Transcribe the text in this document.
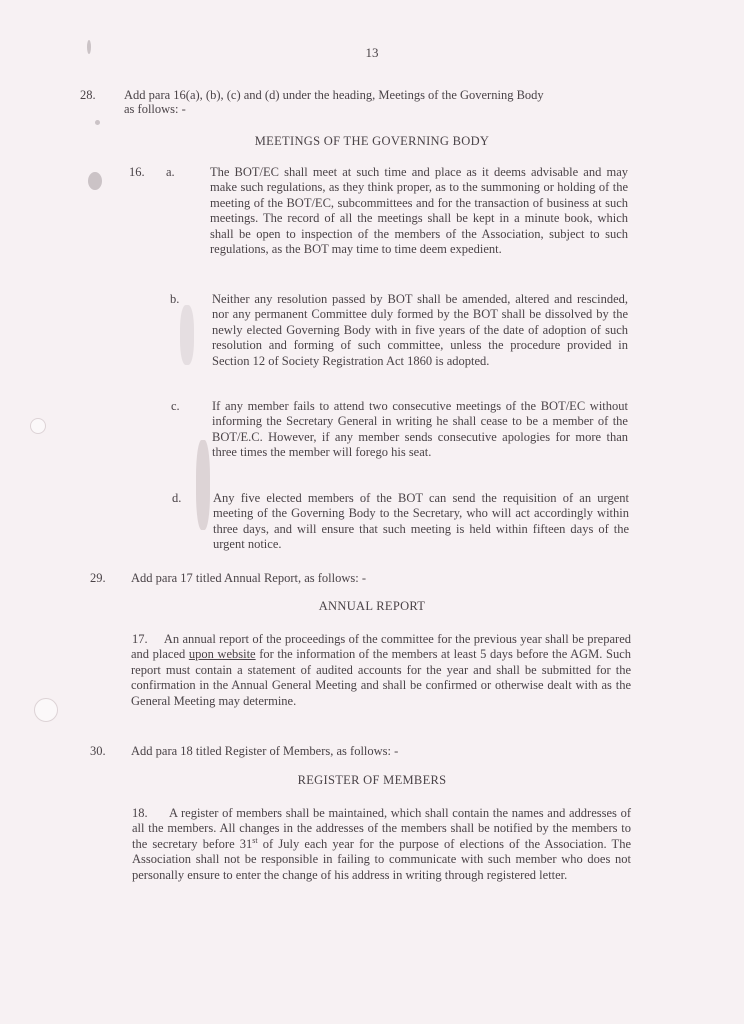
13
28. Add para 16(a), (b), (c) and (d) under the heading, Meetings of the Governing Body
as follows: -
MEETINGS OF THE GOVERNING BODY
16. a.	The BOT/EC shall meet at such time and place as it deems advisable and may make such regulations, as they think proper, as to the summoning or holding of the meeting of the BOT/EC, subcommittees and for the transaction of business at such meetings. The record of all the meetings shall be kept in a minute book, which shall be open to inspection of the members of the Association, subject to such regulations, as the BOT may time to time deem expedient.
b.	Neither any resolution passed by BOT shall be amended, altered and rescinded, nor any permanent Committee duly formed by the BOT shall be dissolved by the newly elected Governing Body with in five years of the date of adoption of such resolution and forming of such committee, unless the procedure provided in Section 12 of Society Registration Act 1860 is adopted.
c.	If any member fails to attend two consecutive meetings of the BOT/EC without informing the Secretary General in writing he shall cease to be a member of the BOT/E.C. However, if any member sends consecutive apologies for more than three times the member will forego his seat.
d.	Any five elected members of the BOT can send the requisition of an urgent meeting of the Governing Body to the Secretary, who will act accordingly within three days, and will ensure that such meeting is held within fifteen days of the urgent notice.
29. Add para 17 titled Annual Report, as follows: -
ANNUAL REPORT
17. An annual report of the proceedings of the committee for the previous year shall be prepared and placed upon website for the information of the members at least 5 days before the AGM. Such report must contain a statement of audited accounts for the year and shall be submitted for the confirmation in the Annual General Meeting and shall be confirmed or otherwise dealt with as the General Meeting may determine.
30. Add para 18 titled Register of Members, as follows: -
REGISTER OF MEMBERS
18. A register of members shall be maintained, which shall contain the names and addresses of all the members. All changes in the addresses of the members shall be notified by the members to the secretary before 31st of July each year for the purpose of elections of the Association. The Association shall not be responsible in failing to communicate with such member who does not personally ensure to enter the change of his address in writing through registered letter.
